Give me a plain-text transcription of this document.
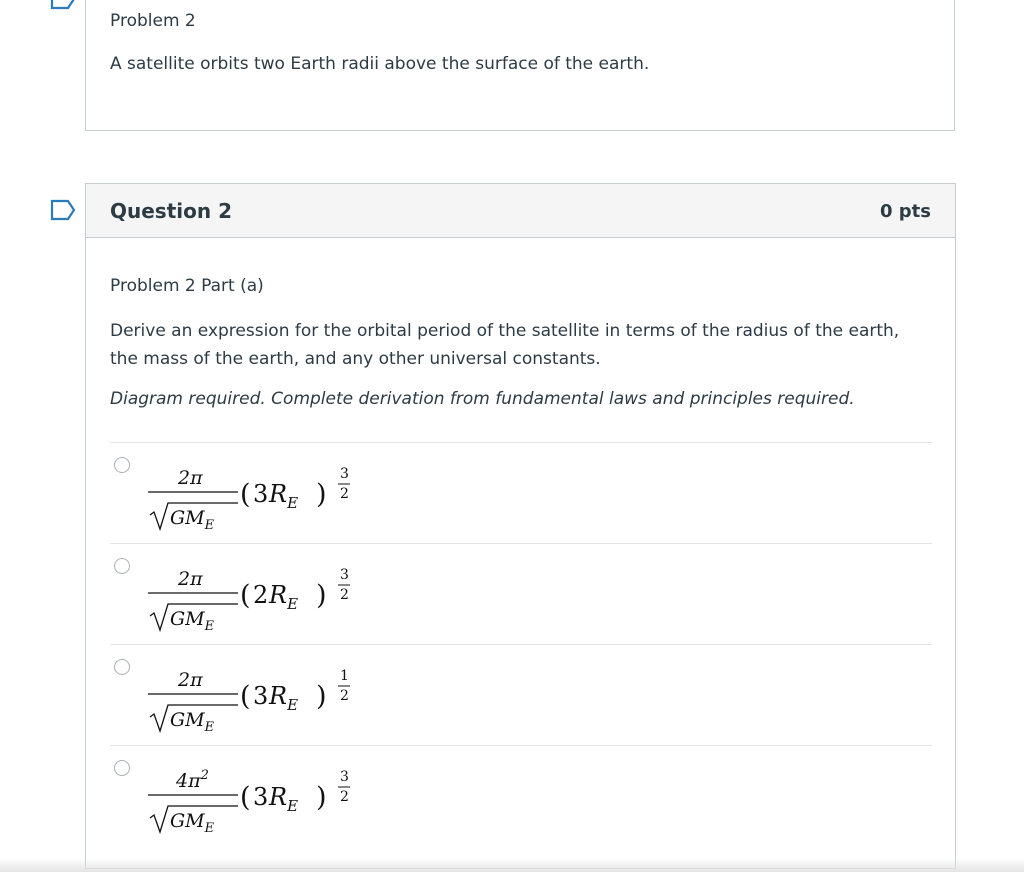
Problem 2
A satellite orbits two Earth radii above the surface of the earth.
Question 2	0 pts
Problem 2 Part (a)
Derive an expression for the orbital period of the satellite in terms of the radius of the earth, the mass of the earth, and any other universal constants.
Diagram required. Complete derivation from fundamental laws and principles required.
2π
$GM_E$
( 3 $R_E$ )
3
2
2π
$GM_E$
( 2 $R_E$ )
3
2
2π
$GM_E$
( 3 $R_E$ )
1
2
$4\pi^2$
$GM_E$
( 3 $R_E$ )
3
2
